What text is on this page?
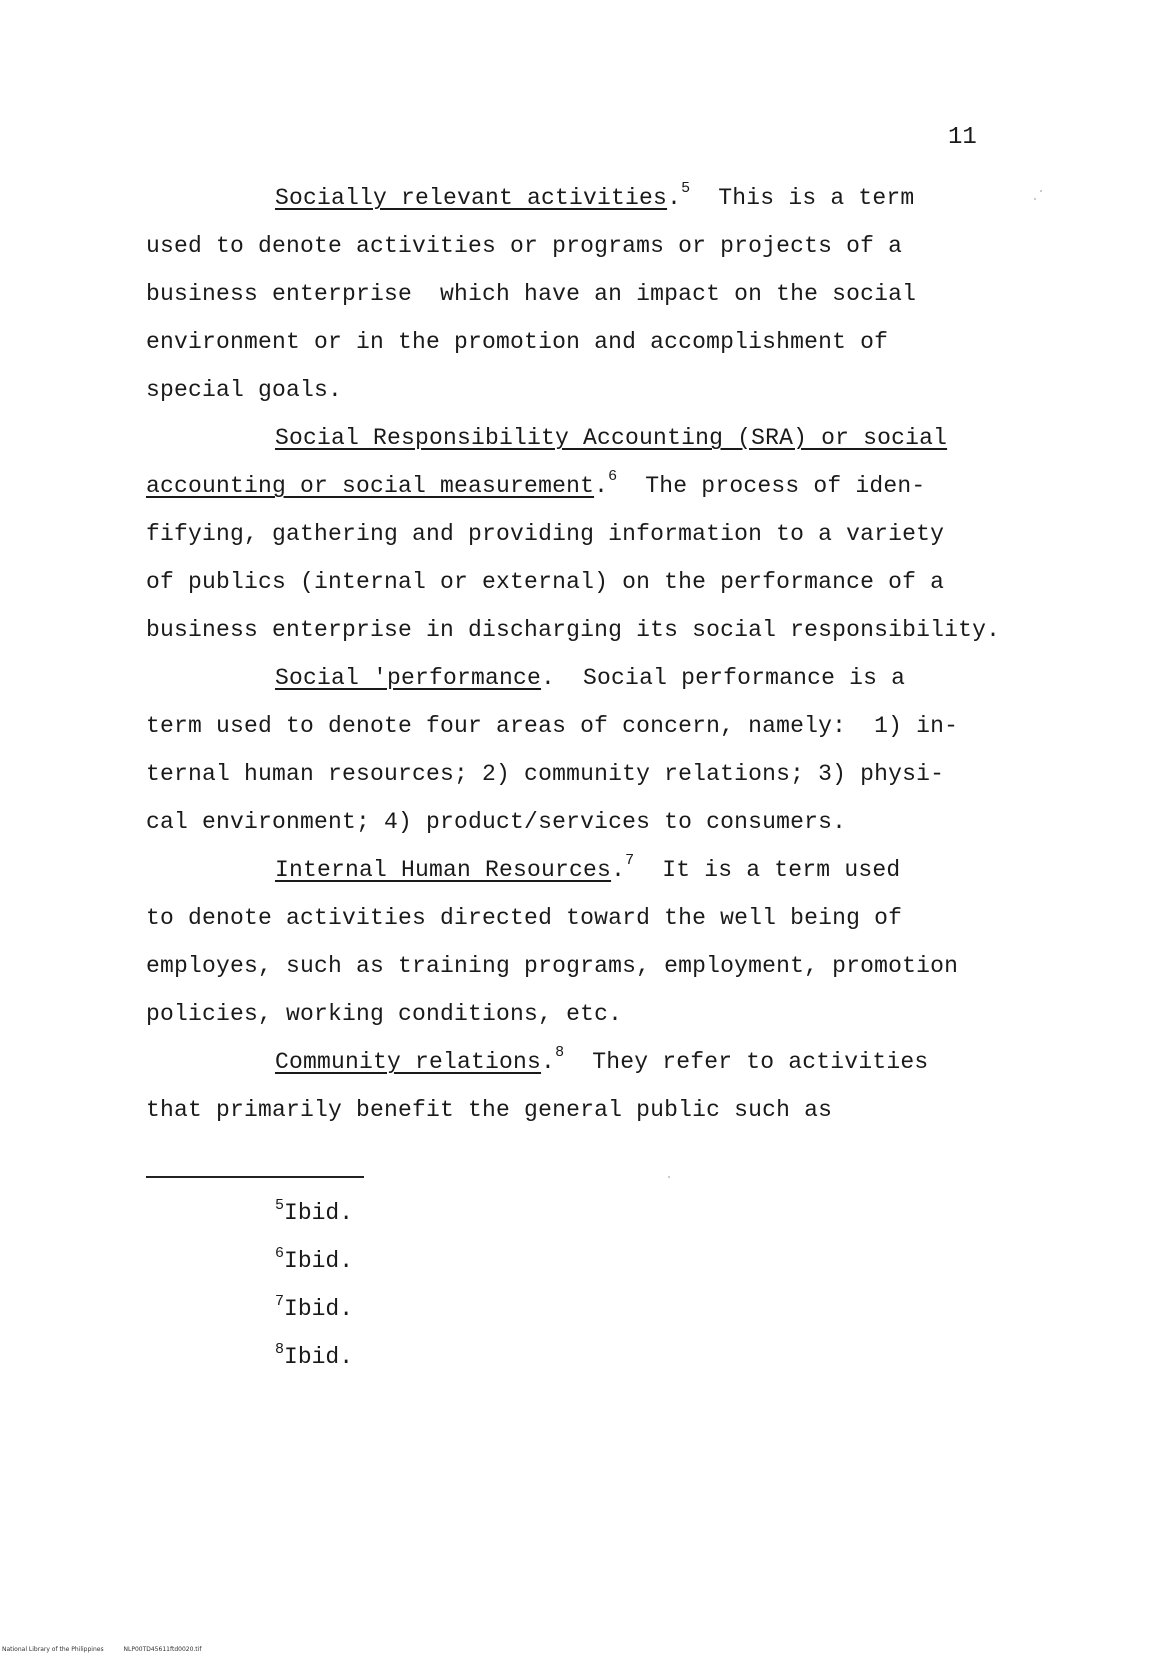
11
Socially relevant activities.$^5$  This is a term
used to denote activities or programs or projects of a
business enterprise  which have an impact on the social
environment or in the promotion and accomplishment of
special goals.
Social Responsibility Accounting (SRA) or social
accounting or social measurement.$^6$  The process of iden-
fifying, gathering and providing information to a variety
of publics (internal or external) on the performance of a
business enterprise in discharging its social responsibility.
Social 'performance.  Social performance is a
term used to denote four areas of concern, namely:  1) in-
ternal human resources; 2) community relations; 3) physi-
cal environment; 4) product/services to consumers.
Internal Human Resources.$^7$  It is a term used
to denote activities directed toward the well being of
employes, such as training programs, employment, promotion
policies, working conditions, etc.
Community relations.$^8$  They refer to activities
that primarily benefit the general public such as
$^5$Ibid.
$^6$Ibid.
$^7$Ibid.
$^8$Ibid.
National Library of the Philippines	NLP00TD45611ftd0020.tif
